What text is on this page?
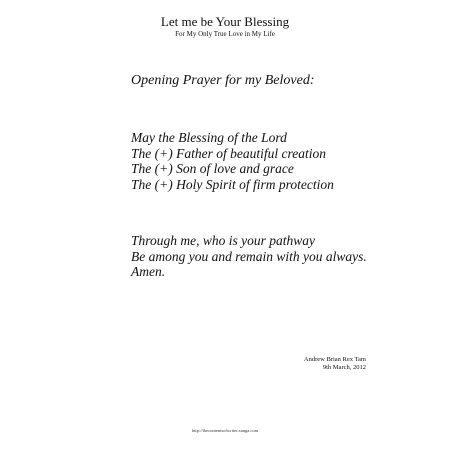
Let me be Your Blessing
For My Only True Love in My Life
Opening Prayer for my Beloved:
May the Blessing of the Lord
The (+) Father of beautiful creation
The (+) Son of love and grace
The (+) Holy Spirit of firm protection
Through me, who is your pathway
Be among you and remain with you always.
Amen.
Andrew Brian Rex Tam
9th March, 2012
http://thecontentsofwriter.xanga.com
